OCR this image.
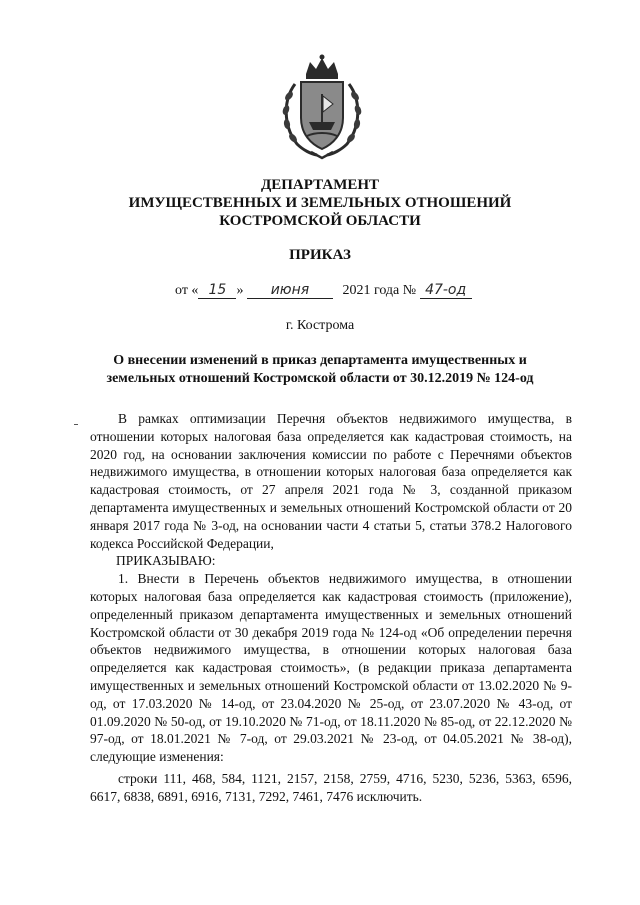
ДЕПАРТАМЕНТ
ИМУЩЕСТВЕННЫХ И ЗЕМЕЛЬНЫХ ОТНОШЕНИЙ
КОСТРОМСКОЙ ОБЛАСТИ
ПРИКАЗ
от « 15 » июня 2021 года № 47-од
г. Кострома
О внесении изменений в приказ департамента имущественных и
земельных отношений Костромской области от 30.12.2019 № 124-од

В рамках оптимизации Перечня объектов недвижимого имущества, в отношении которых налоговая база определяется как кадастровая стоимость, на 2020 год, на основании заключения комиссии по работе с Перечнями объектов недвижимого имущества, в отношении которых налоговая база определяется как кадастровая стоимость, от 27 апреля 2021 года № 3, созданной приказом департамента имущественных и земельных отношений Костромской области от 20 января 2017 года № 3-од, на основании части 4 статьи 5, статьи 378.2 Налогового кодекса Российской Федерации,

ПРИКАЗЫВАЮ:

1. Внести в Перечень объектов недвижимого имущества, в отношении которых налоговая база определяется как кадастровая стоимость (приложение), определенный приказом департамента имущественных и земельных отношений Костромской области от 30 декабря 2019 года № 124-од «Об определении перечня объектов недвижимого имущества, в отношении которых налоговая база определяется как кадастровая стоимость», (в редакции приказа департамента имущественных и земельных отношений Костромской области от 13.02.2020 № 9-од, от 17.03.2020 № 14-од, от 23.04.2020 № 25-од, от 23.07.2020 № 43-од, от 01.09.2020 № 50-од, от 19.10.2020 № 71-од, от 18.11.2020 № 85-од, от 22.12.2020 № 97-од, от 18.01.2021 № 7-од, от 29.03.2021 № 23-од, от 04.05.2021 № 38-од), следующие изменения:

строки 111, 468, 584, 1121, 2157, 2158, 2759, 4716, 5230, 5236, 5363, 6596, 6617, 6838, 6891, 6916, 7131, 7292, 7461, 7476 исключить.
